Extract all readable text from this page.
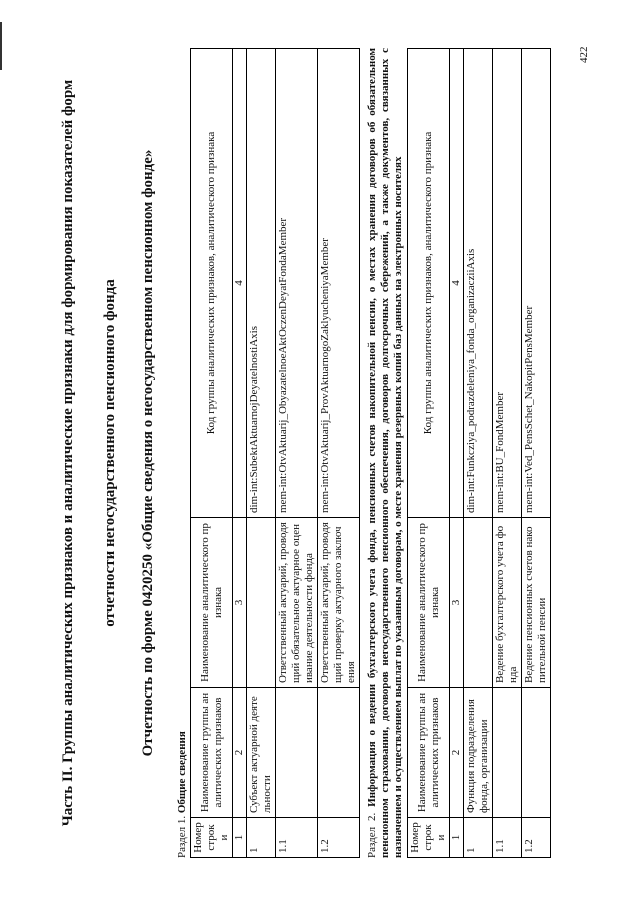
422
Часть II. Группы аналитических признаков и аналитические признаки для формирования показателей форм отчетности негосударственного пенсионного фонда Отчетность по форме 0420250 «Общие сведения о негосударственном пенсионном фонде»
Раздел 1. Общие сведения
Номер строки	Наименование группы аналитических признаков	Наименование аналитического признака	Код группы аналитических признаков, аналитического признака
1	2	3	4
1	Субъект актуарной деятельности		dim-int:SubektAktuarnojDeyatelnostiAxis
1.1		Ответственный актуарий, проводящий обязательное актуарное оценивание деятельности фонда	mem-int:OtvAktuarij_ObyazatelnoeAktOczenDeyatFondaMember
1.2		Ответственный актуарий, проводящий проверку актуарного заключения	mem-int:OtvAktuarij_ProvAktuarnogoZaklyucheniyaMember
Раздел 2. Информация о ведении бухгалтерского учета фонда, пенсионных счетов накопительной пенсии, о местах хранения договоров об обязательном пенсионном страховании, договоров негосударственного пенсионного обеспечения, договоров долгосрочных сбережений, а также документов, связанных с назначением и осуществлением выплат по указанным договорам, о месте хранения резервных копий баз данных на электронных носителях Номер строки	Наименование группы аналитических признаков	Наименование аналитического признака	Код группы аналитических признаков, аналитического признака
1	2	3	4
1	Функция подразделения фонда, организации		dim-int:Funkcziya_podrazdeleniya_fonda_organizacziiAxis
1.1		Ведение бухгалтерского учета фонда	mem-int:BU_FondMember
1.2		Ведение пенсионных счетов накопительной пенсии	mem-int:Ved_PensSchet_NakopitPensMember
